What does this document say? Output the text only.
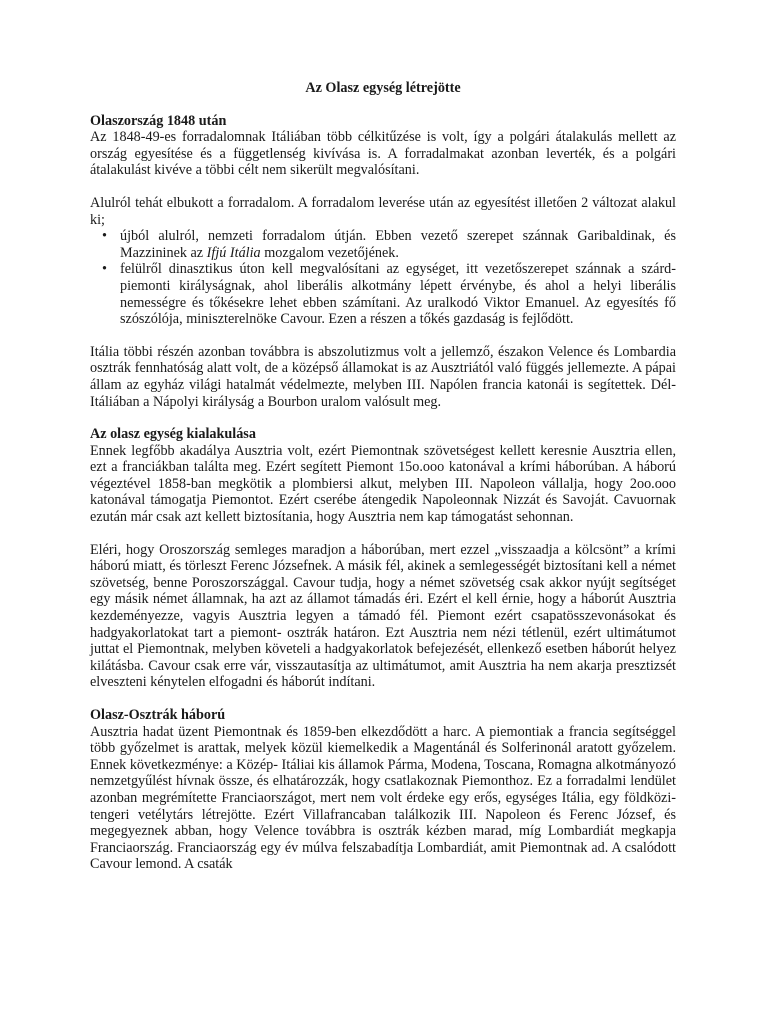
Az Olasz egység létrejötte
Olaszország 1848 után

Az 1848-49-es forradalomnak Itáliában több célkitűzése is volt, így a polgári átalakulás mellett az ország egyesítése és a függetlenség kivívása is. A forradalmakat azonban leverték, és a polgári átalakulást kivéve a többi célt nem sikerült megvalósítani.

Alulról tehát elbukott a forradalom. A forradalom leverése után az egyesítést illetően 2 változat alakul ki;

• újból alulról, nemzeti forradalom útján. Ebben vezető szerepet szánnak Garibaldinak, és Mazzininek az Ifjú Itália mozgalom vezetőjének.
• felülről dinasztikus úton kell megvalósítani az egységet, itt vezetőszerepet szánnak a szárd-piemonti királyságnak, ahol liberális alkotmány lépett érvénybe, és ahol a helyi liberális nemességre és tőkésekre lehet ebben számítani. Az uralkodó Viktor Emanuel. Az egyesítés fő szószólója, miniszterelnöke Cavour. Ezen a részen a tőkés gazdaság is fejlődött.

Itália többi részén azonban továbbra is abszolutizmus volt a jellemző, északon Velence és Lombardia osztrák fennhatóság alatt volt, de a középső államokat is az Ausztriától való függés jellemezte. A pápai állam az egyház világi hatalmát védelmezte, melyben III. Napólen francia katonái is segítettek. Dél- Itáliában a Nápolyi királyság a Bourbon uralom valósult meg.

Az olasz egység kialakulása

Ennek legfőbb akadálya Ausztria volt, ezért Piemontnak szövetségest kellett keresnie Ausztria ellen, ezt a franciákban találta meg. Ezért segített Piemont 15o.ooo katonával a krími háborúban. A háború végeztével 1858-ban megkötik a plombiersi alkut, melyben III. Napoleon vállalja, hogy 2oo.ooo katonával támogatja Piemontot. Ezért cserébe átengedik Napoleonnak Nizzát és Savoját. Cavuornak ezután már csak azt kellett biztosítania, hogy Ausztria nem kap támogatást sehonnan.

Eléri, hogy Oroszország semleges maradjon a háborúban, mert ezzel „visszaadja a kölcsönt” a krími háború miatt, és törleszt Ferenc Józsefnek. A másik fél, akinek a semlegességét biztosítani kell a német szövetség, benne Poroszországgal. Cavour tudja, hogy a német szövetség csak akkor nyújt segítséget egy másik német államnak, ha azt az államot támadás éri. Ezért el kell érnie, hogy a háborút Ausztria kezdeményezze, vagyis Ausztria legyen a támadó fél. Piemont ezért csapatösszevonásokat és hadgyakorlatokat tart a piemont- osztrák határon. Ezt Ausztria nem nézi tétlenül, ezért ultimátumot juttat el Piemontnak, melyben követeli a hadgyakorlatok befejezését, ellenkező esetben háborút helyez kilátásba. Cavour csak erre vár, visszautasítja az ultimátumot, amit Ausztria ha nem akarja presztizsét elveszteni kénytelen elfogadni és háborút indítani.

Olasz-Osztrák háború

Ausztria hadat üzent Piemontnak és 1859-ben elkezdődött a harc. A piemontiak a francia segítséggel több győzelmet is arattak, melyek közül kiemelkedik a Magentánál és Solferinonál aratott győzelem. Ennek következménye: a Közép- Itáliai kis államok Párma, Modena, Toscana, Romagna alkotmányozó nemzetgyűlést hívnak össze, és elhatározzák, hogy csatlakoznak Piemonthoz. Ez a forradalmi lendület azonban megrémítette Franciaországot, mert nem volt érdeke egy erős, egységes Itália, egy földközi-tengeri vetélytárs létrejötte. Ezért Villafrancaban találkozik III. Napoleon és Ferenc József, és megegyeznek abban, hogy Velence továbbra is osztrák kézben marad, míg Lombardiát megkapja Franciaország. Franciaország egy év múlva felszabadítja Lombardiát, amit Piemontnak ad. A csalódott Cavour lemond. A csaták
